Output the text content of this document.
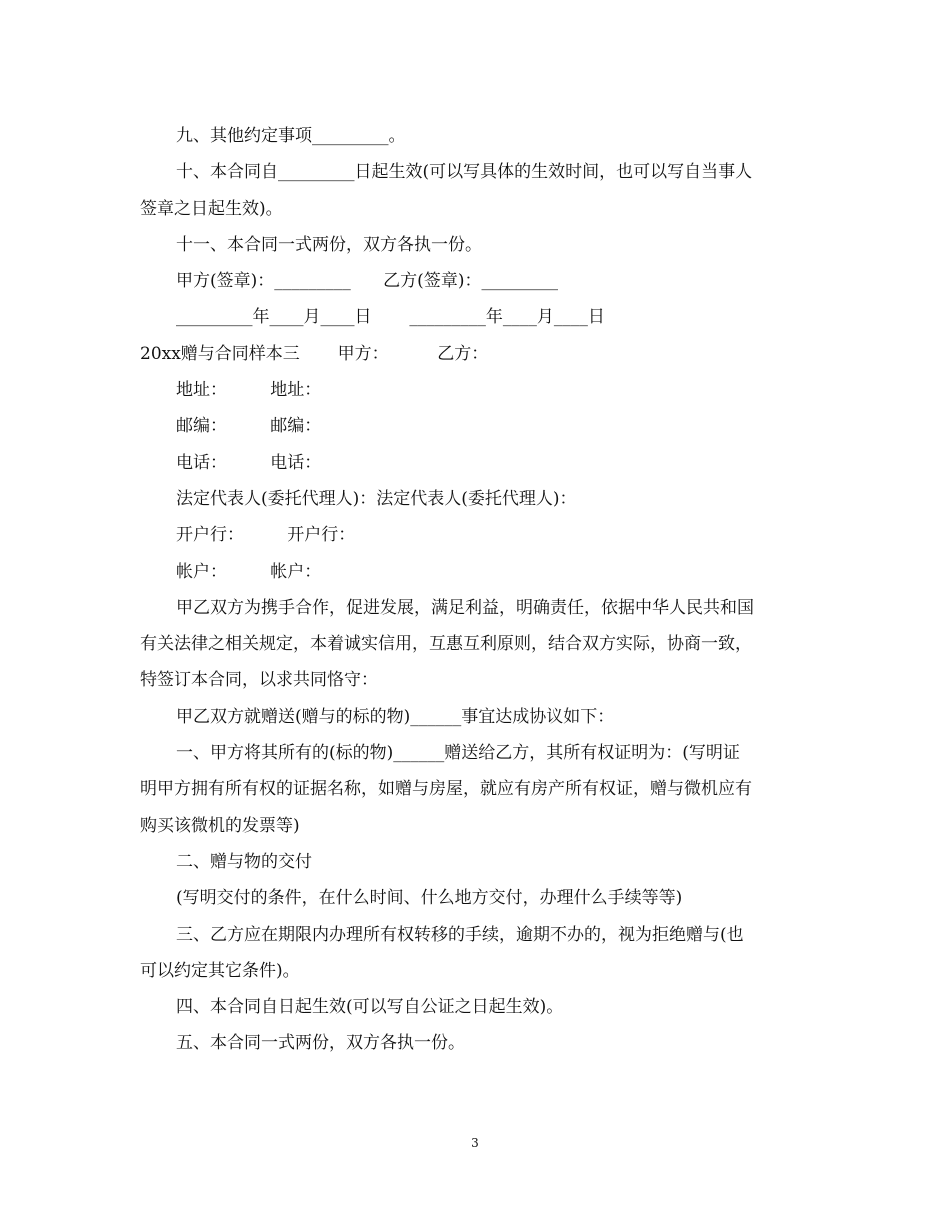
九、其他约定事项_________。

十、本合同自_________日起生效(可以写具体的生效时间，也可以写自当事人

签章之日起生效)。

十一、本合同一式两份，双方各执一份。

甲方(签章)：_________      乙方(签章)：_________

_________年____月____日       _________年____月____日

20xx赠与合同样本三       甲方：         乙方：

地址：        地址：

邮编：        邮编：

电话：        电话：

法定代表人(委托代理人)：法定代表人(委托代理人)：

开户行：        开户行：

帐户：        帐户：

甲乙双方为携手合作，促进发展，满足利益，明确责任，依据中华人民共和国

有关法律之相关规定，本着诚实信用，互惠互利原则，结合双方实际，协商一致，

特签订本合同，以求共同恪守：

甲乙双方就赠送(赠与的标的物)______事宜达成协议如下：

一、甲方将其所有的(标的物)______赠送给乙方，其所有权证明为：(写明证

明甲方拥有所有权的证据名称，如赠与房屋，就应有房产所有权证，赠与微机应有

购买该微机的发票等)

二、赠与物的交付

(写明交付的条件，在什么时间、什么地方交付，办理什么手续等等)

三、乙方应在期限内办理所有权转移的手续，逾期不办的，视为拒绝赠与(也

可以约定其它条件)。

四、本合同自日起生效(可以写自公证之日起生效)。

五、本合同一式两份，双方各执一份。

3
